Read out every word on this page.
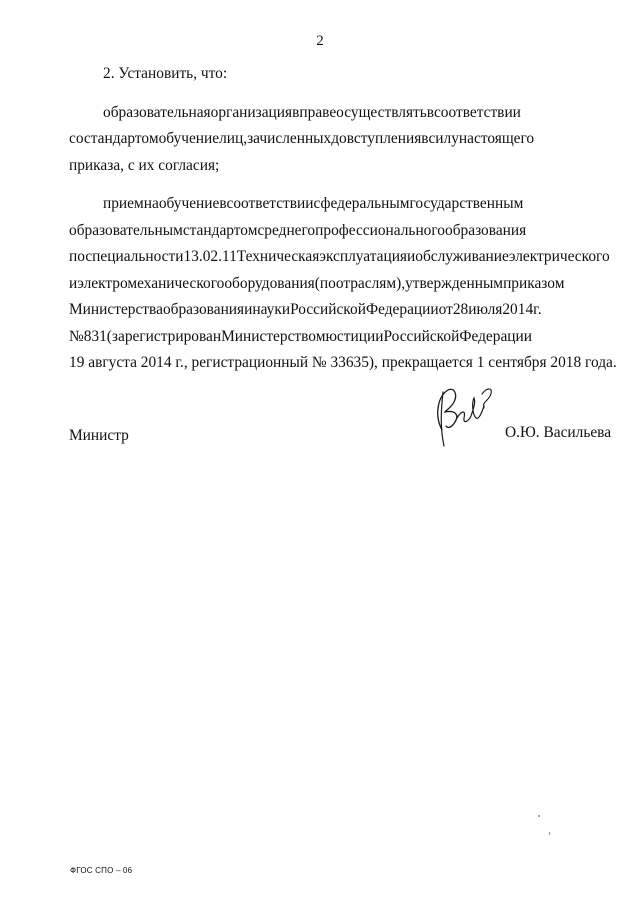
2
2. Установить, что:
образовательнаяорганизациявправеосуществлятьвсоответствии
состандартомобучениелиц,зачисленныхдовступлениявсилунастоящего
приказа, с их согласия;
приемнаобучениевсоответствиисфедеральнымгосударственным
образовательнымстандартомсреднегопрофессиональногообразования
поспециальности13.02.11Техническаяэксплуатацияиобслуживаниеэлектрического
иэлектромеханическогооборудования(поотраслям),утвержденнымприказом
МинистерстваобразованияинаукиРоссийскойФедерацииот28июля2014г.
№831(зарегистрированМинистерствомюстицииРоссийскойФедерации
19 августа 2014 г., регистрационный № 33635), прекращается 1 сентября 2018 года.
Министр	О.Ю. Васильева
ФГОС СПО – 06
